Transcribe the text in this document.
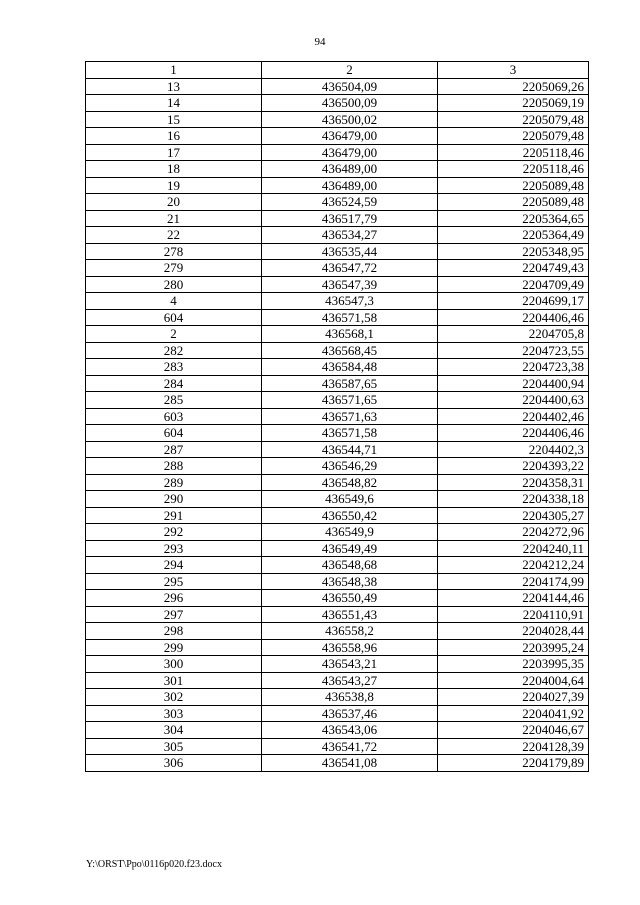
94
1	2	3
13	436504,09	2205069,26
14	436500,09	2205069,19
15	436500,02	2205079,48
16	436479,00	2205079,48
17	436479,00	2205118,46
18	436489,00	2205118,46
19	436489,00	2205089,48
20	436524,59	2205089,48
21	436517,79	2205364,65
22	436534,27	2205364,49
278	436535,44	2205348,95
279	436547,72	2204749,43
280	436547,39	2204709,49
4	436547,3	2204699,17
604	436571,58	2204406,46
2	436568,1	2204705,8
282	436568,45	2204723,55
283	436584,48	2204723,38
284	436587,65	2204400,94
285	436571,65	2204400,63
603	436571,63	2204402,46
604	436571,58	2204406,46
287	436544,71	2204402,3
288	436546,29	2204393,22
289	436548,82	2204358,31
290	436549,6	2204338,18
291	436550,42	2204305,27
292	436549,9	2204272,96
293	436549,49	2204240,11
294	436548,68	2204212,24
295	436548,38	2204174,99
296	436550,49	2204144,46
297	436551,43	2204110,91
298	436558,2	2204028,44
299	436558,96	2203995,24
300	436543,21	2203995,35
301	436543,27	2204004,64
302	436538,8	2204027,39
303	436537,46	2204041,92
304	436543,06	2204046,67
305	436541,72	2204128,39
306	436541,08	2204179,89
Y:\ORST\Ppo\0116p020.f23.docx
